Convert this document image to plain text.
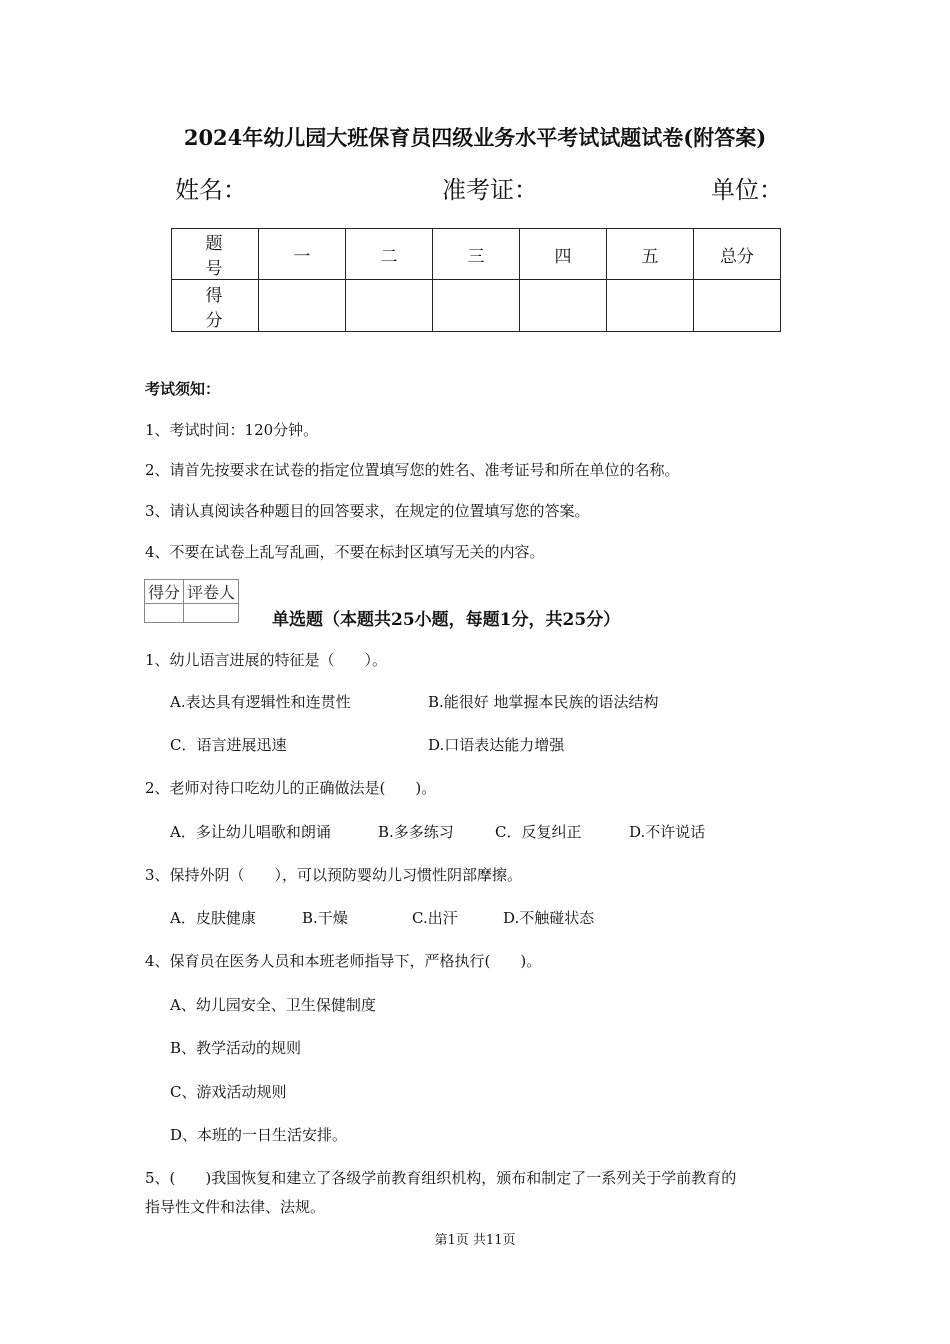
2024年幼儿园大班保育员四级业务水平考试试题试卷(附答案)
姓名：	准考证：	单位：
题　号	一	二	三	四	五	总分
得　分						
考试须知：
1、考试时间：120分钟。
2、请首先按要求在试卷的指定位置填写您的姓名、准考证号和所在单位的名称。
3、请认真阅读各种题目的回答要求，在规定的位置填写您的答案。
4、不要在试卷上乱写乱画，不要在标封区填写无关的内容。
得分	评卷人

单选题（本题共25小题，每题1分，共25分）
1、幼儿语言进展的特征是（　　）。
A.表达具有逻辑性和连贯性	B.能很好 地掌握本民族的语法结构
C．语言进展迅速	D.口语表达能力增强
2、老师对待口吃幼儿的正确做法是(　　)。
A．多让幼儿唱歌和朗诵	B.多多练习	C．反复纠正	D.不许说话
3、保持外阴（　　），可以预防婴幼儿习惯性阴部摩擦。
A．皮肤健康	B.干燥	C.出汗	D.不触碰状态
4、保育员在医务人员和本班老师指导下，严格执行(　　)。
A、幼儿园安全、卫生保健制度
B、教学活动的规则
C、游戏活动规则
D、本班的一日生活安排。
5、(　　)我国恢复和建立了各级学前教育组织机构，颁布和制定了一系列关于学前教育的
指导性文件和法律、法规。
第1页 共11页
